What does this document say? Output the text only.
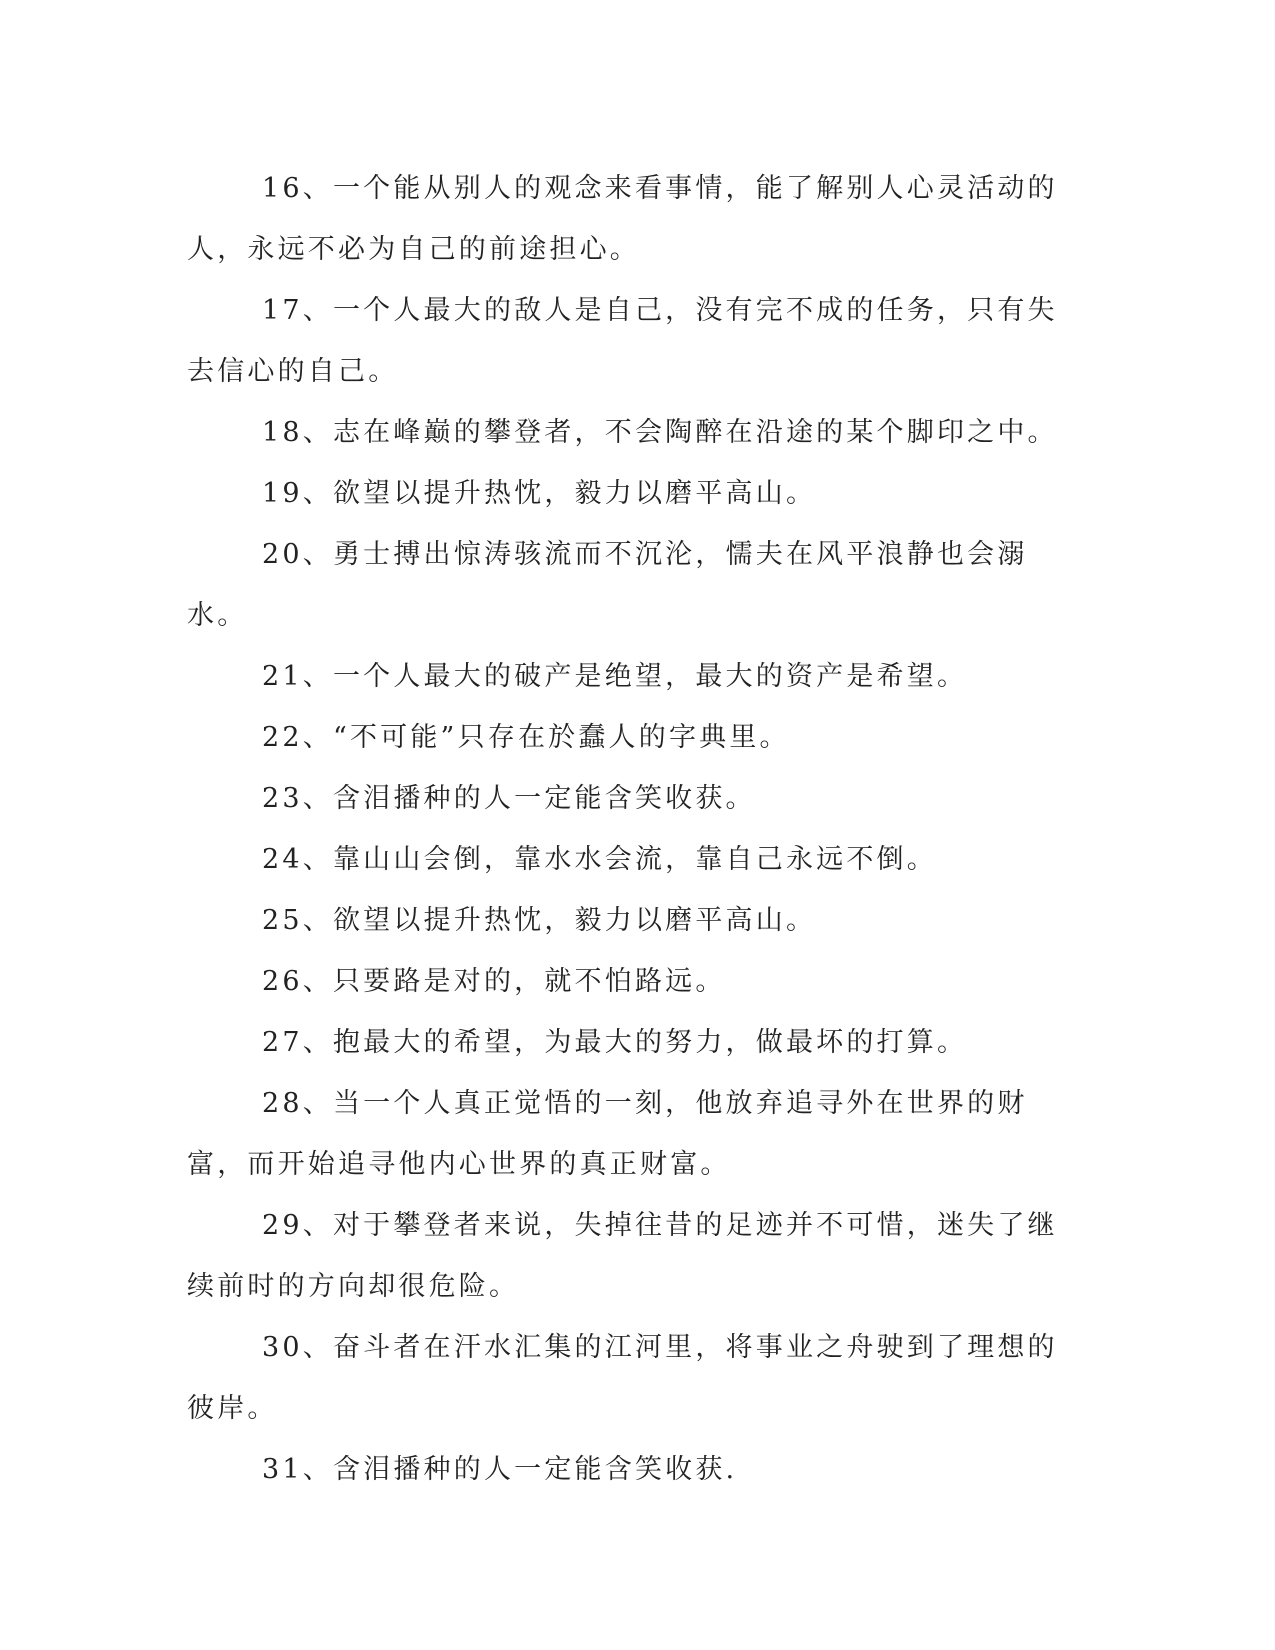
16、一个能从别人的观念来看事情，能了解别人心灵活动的人，永远不必为自己的前途担心。

17、一个人最大的敌人是自己，没有完不成的任务，只有失去信心的自己。

18、志在峰巅的攀登者，不会陶醉在沿途的某个脚印之中。

19、欲望以提升热忱，毅力以磨平高山。

20、勇士搏出惊涛骇流而不沉沦，懦夫在风平浪静也会溺水。

21、一个人最大的破产是绝望，最大的资产是希望。

22、“不可能”只存在於蠢人的字典里。

23、含泪播种的人一定能含笑收获。

24、靠山山会倒，靠水水会流，靠自己永远不倒。

25、欲望以提升热忱，毅力以磨平高山。

26、只要路是对的，就不怕路远。

27、抱最大的希望，为最大的努力，做最坏的打算。

28、当一个人真正觉悟的一刻，他放弃追寻外在世界的财富，而开始追寻他内心世界的真正财富。

29、对于攀登者来说，失掉往昔的足迹并不可惜，迷失了继续前时的方向却很危险。

30、奋斗者在汗水汇集的江河里，将事业之舟驶到了理想的彼岸。

31、含泪播种的人一定能含笑收获.
